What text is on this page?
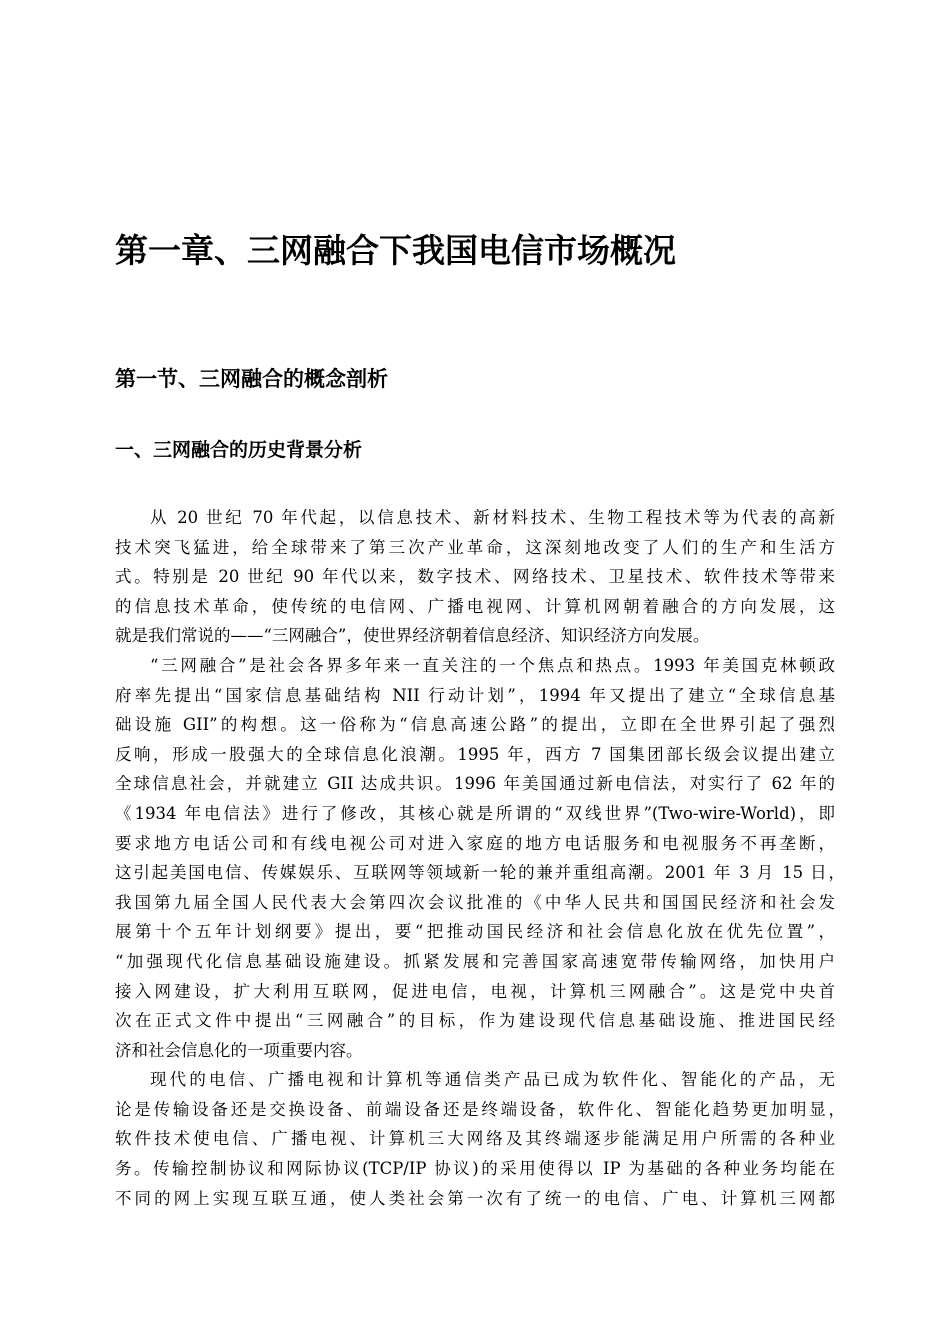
第一章、三网融合下我国电信市场概况
第一节、三网融合的概念剖析
一、三网融合的历史背景分析

从 20 世纪 70 年代起，以信息技术、新材料技术、生物工程技术等为代表的高新
技术突飞猛进，给全球带来了第三次产业革命，这深刻地改变了人们的生产和生活方
式。特别是 20 世纪 90 年代以来，数字技术、网络技术、卫星技术、软件技术等带来
的信息技术革命，使传统的电信网、广播电视网、计算机网朝着融合的方向发展，这
就是我们常说的——“三网融合”，使世界经济朝着信息经济、知识经济方向发展。

“三网融合”是社会各界多年来一直关注的一个焦点和热点。1993 年美国克林顿政
府率先提出“国家信息基础结构 NII 行动计划”，1994 年又提出了建立“全球信息基
础设施 GII”的构想。这一俗称为“信息高速公路”的提出，立即在全世界引起了强烈
反响，形成一股强大的全球信息化浪潮。1995 年，西方 7 国集团部长级会议提出建立
全球信息社会，并就建立 GII 达成共识。1996 年美国通过新电信法，对实行了 62 年的
《1934 年电信法》进行了修改，其核心就是所谓的“双线世界”(Two-wire-World)，即
要求地方电话公司和有线电视公司对进入家庭的地方电话服务和电视服务不再垄断，
这引起美国电信、传媒娱乐、互联网等领域新一轮的兼并重组高潮。2001 年 3 月 15 日，
我国第九届全国人民代表大会第四次会议批准的《中华人民共和国国民经济和社会发
展第十个五年计划纲要》提出，要“把推动国民经济和社会信息化放在优先位置”，
“加强现代化信息基础设施建设。抓紧发展和完善国家高速宽带传输网络，加快用户
接入网建设，扩大利用互联网，促进电信，电视，计算机三网融合”。这是党中央首
次在正式文件中提出“三网融合”的目标，作为建设现代信息基础设施、推进国民经
济和社会信息化的一项重要内容。

现代的电信、广播电视和计算机等通信类产品已成为软件化、智能化的产品，无
论是传输设备还是交换设备、前端设备还是终端设备，软件化、智能化趋势更加明显，
软件技术使电信、广播电视、计算机三大网络及其终端逐步能满足用户所需的各种业
务。传输控制协议和网际协议(TCP/IP 协议)的采用使得以 IP 为基础的各种业务均能在
不同的网上实现互联互通，使人类社会第一次有了统一的电信、广电、计算机三网都
